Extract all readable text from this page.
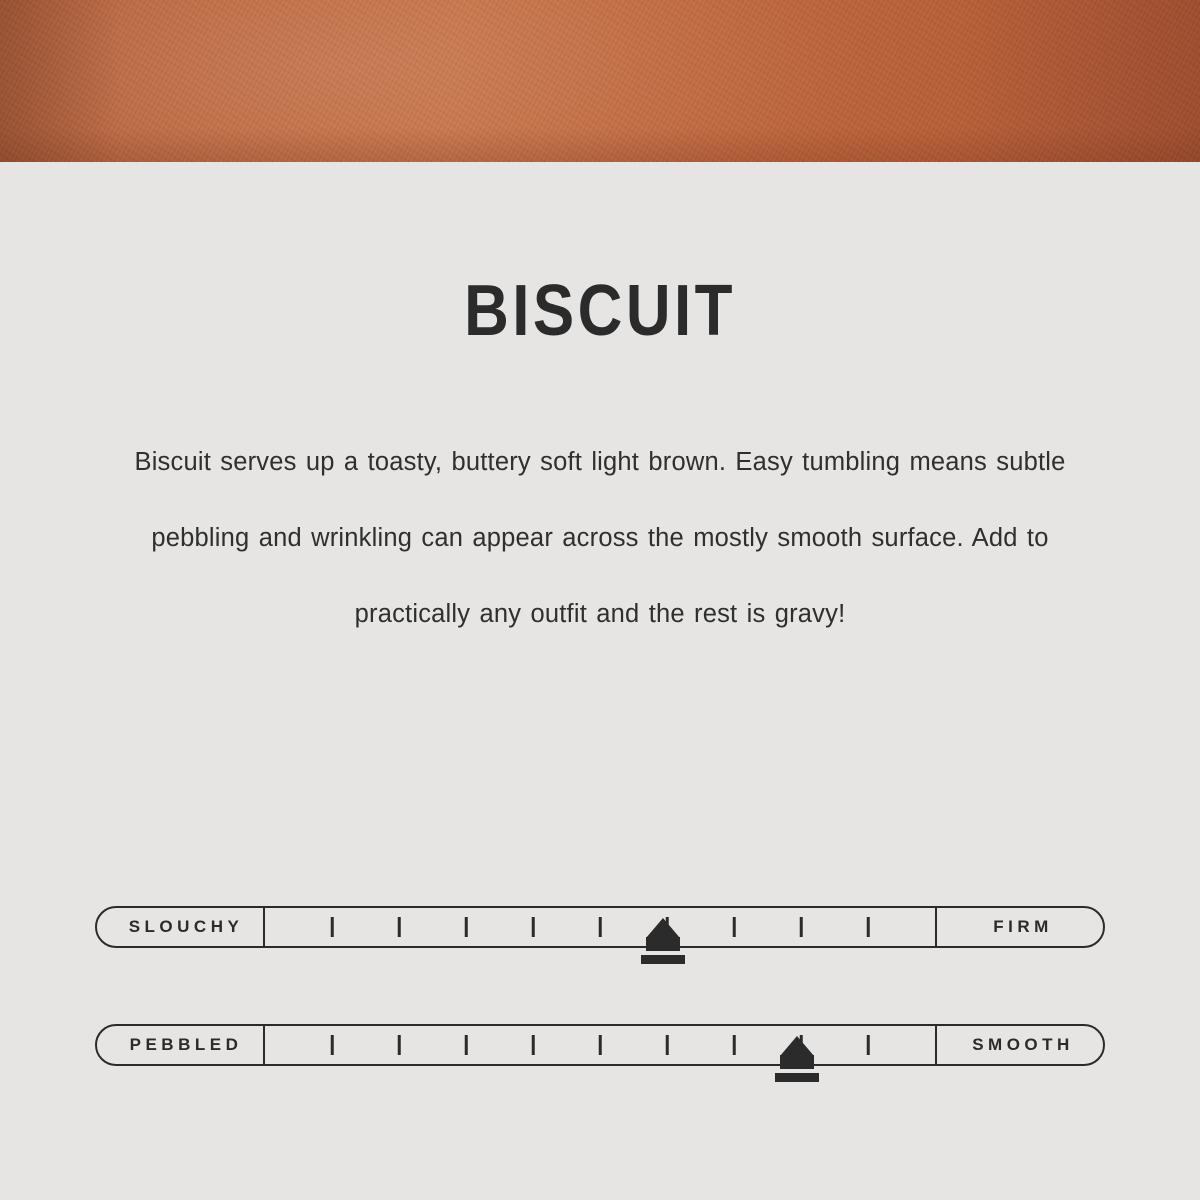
BISCUIT
Biscuit serves up a toasty, buttery soft light brown. Easy tumbling means subtle pebbling and wrinkling can appear across the mostly smooth surface. Add to practically any outfit and the rest is gravy!
SLOUCHY	FIRM
PEBBLED	SMOOTH
